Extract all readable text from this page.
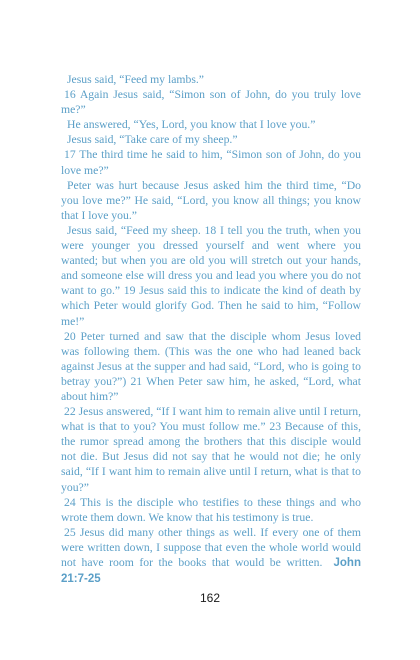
Jesus said, “Feed my lambs.”

16 Again Jesus said, “Simon son of John, do you truly love me?”

He answered, “Yes, Lord, you know that I love you.”

Jesus said, “Take care of my sheep.”

17 The third time he said to him, “Simon son of John, do you love me?”

Peter was hurt because Jesus asked him the third time, “Do you love me?” He said, “Lord, you know all things; you know that I love you.”

Jesus said, “Feed my sheep. 18 I tell you the truth, when you were younger you dressed yourself and went where you wanted; but when you are old you will stretch out your hands, and someone else will dress you and lead you where you do not want to go.” 19 Jesus said this to indicate the kind of death by which Peter would glorify God. Then he said to him, “Follow me!”

20 Peter turned and saw that the disciple whom Jesus loved was following them. (This was the one who had leaned back against Jesus at the supper and had said, “Lord, who is going to betray you?”) 21 When Peter saw him, he asked, “Lord, what about him?”

22 Jesus answered, “If I want him to remain alive until I return, what is that to you? You must follow me.” 23 Because of this, the rumor spread among the brothers that this disciple would not die. But Jesus did not say that he would not die; he only said, “If I want him to remain alive until I return, what is that to you?”

24 This is the disciple who testifies to these things and who wrote them down. We know that his testimony is true.

25 Jesus did many other things as well. If every one of them were written down, I suppose that even the whole world would not have room for the books that would be written. John 21:7-25

162
